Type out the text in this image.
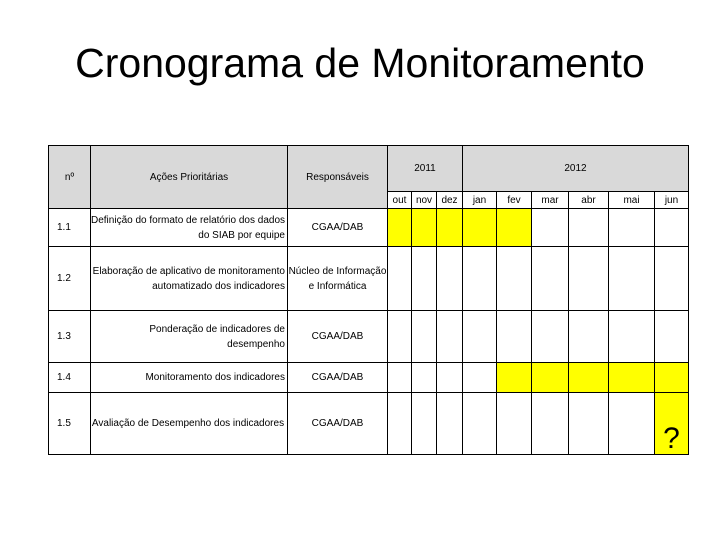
Cronograma de Monitoramento
nº	Ações Prioritárias	Responsáveis	2011			2012					
			out	nov	dez	jan	fev	mar	abr	mai	jun
1.1	Definição do formato de relatório dos dados do SIAB por equipe	CGAA/DAB									
1.2	Elaboração de aplicativo de monitoramento automatizado dos indicadores	Núcleo de Informação e Informática									
1.3	Ponderação de indicadores de desempenho	CGAA/DAB									
1.4	Monitoramento dos indicadores	CGAA/DAB									
1.5	Avaliação de Desempenho dos indicadores	CGAA/DAB									?
